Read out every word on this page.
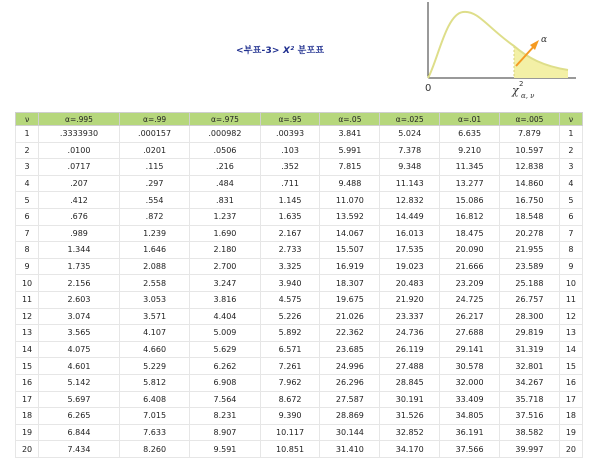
<부표-3> X² 분포표
α
0	χ 2
α, ν
ν	α=.995	α=.99	α=.975	α=.95	α=.05	α=.025	α=.01	α=.005	ν
1	.3333930	.000157	.000982	.00393	3.841	5.024	6.635	7.879	1
2	.0100	.0201	.0506	.103	5.991	7.378	9.210	10.597	2
3	.0717	.115	.216	.352	7.815	9.348	11.345	12.838	3
4	.207	.297	.484	.711	9.488	11.143	13.277	14.860	4
5	.412	.554	.831	1.145	11.070	12.832	15.086	16.750	5
6	.676	.872	1.237	1.635	13.592	14.449	16.812	18.548	6
7	.989	1.239	1.690	2.167	14.067	16.013	18.475	20.278	7
8	1.344	1.646	2.180	2.733	15.507	17.535	20.090	21.955	8
9	1.735	2.088	2.700	3.325	16.919	19.023	21.666	23.589	9
10	2.156	2.558	3.247	3.940	18.307	20.483	23.209	25.188	10
11	2.603	3.053	3.816	4.575	19.675	21.920	24.725	26.757	11
12	3.074	3.571	4.404	5.226	21.026	23.337	26.217	28.300	12
13	3.565	4.107	5.009	5.892	22.362	24.736	27.688	29.819	13
14	4.075	4.660	5.629	6.571	23.685	26.119	29.141	31.319	14
15	4.601	5.229	6.262	7.261	24.996	27.488	30.578	32.801	15
16	5.142	5.812	6.908	7.962	26.296	28.845	32.000	34.267	16
17	5.697	6.408	7.564	8.672	27.587	30.191	33.409	35.718	17
18	6.265	7.015	8.231	9.390	28.869	31.526	34.805	37.516	18
19	6.844	7.633	8.907	10.117	30.144	32.852	36.191	38.582	19
20	7.434	8.260	9.591	10.851	31.410	34.170	37.566	39.997	20
